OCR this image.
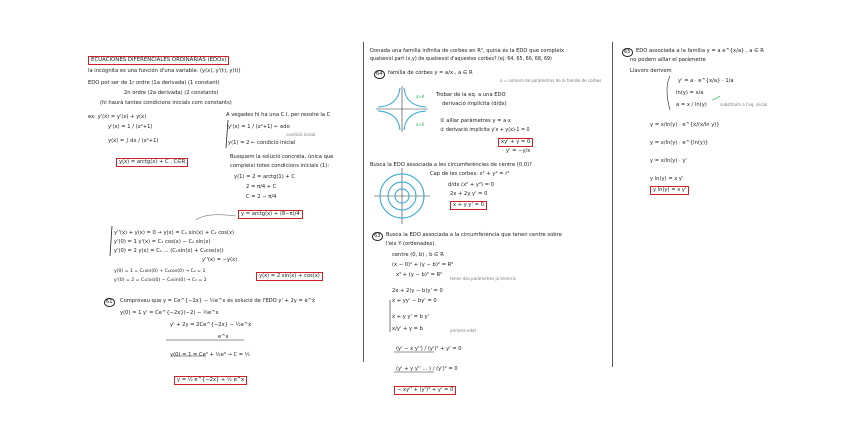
ECUACIONES DIFERENCIALES ORDINARIAS (EDOs)
la incógnita es una función d'una variable. (y(x), y'(t), y(t))
EDO pot ser de 1r ordre (1a derivada) (1 constant)
2n ordre (2a derivada) (2 constants)
(hi haurà tantes condicions inicials com constants)
ex: y'(x) = y'(x) + y(x)	A vegades hi ha una C.I. per resolre la C
y'(x) = 1 / (x²+1)	y'(x) = 1 / (x²+1) ← edo
condició inicial
y(x) = ∫ dx / (x²+1)	y(1) = 2 ← condició inicial
y(x) = arctg(x) + C , C∈R
Busquem la solució concreta, única que
compleixi totes condicions inicials (1):
y(1) = 2 = arctg(1) + C
2 = π/4 + C
C = 2 − π/4
y = arctg(x) + (8−π)/4
y''(x) + y(x) = 0 → y(x) = C₁ sin(x) + C₂ cos(x)
y'(0) = 1 y'(x) = C₁ cos(x) − C₂ sin(x)
y'(0) = 2 y(x) = C₁ ... (C₁sin(x) + C₂cos(x))
y''(x) = −y(x)
y(0) = 1 = C₁sin(0) + C₂cos(0) → C₂ = 1
y'(0) = 2 = C₁cos(0) − C₂sin(0) → C₁ = 2
y(x) = 2 sin(x) + cos(x)
61	Comproveu que y = Ce^{−2x} − ½e^x és solució de l'EDO y' + 2y = e^x
y(0) = 1 y' = Ce^{−2x}(−2) − ½e^x
y' + 2y = 2Ce^{−2x} − ½e^x
e^x
y(0) = 1 = Ce⁰ + ½e⁰ → C = ½
y = ½ e^{−2x} + ½ e^x
Donada una família infinita de corbes en R², quina és la EDO que compleix
qualsevol part (x,y) de qualsevol d'aquestes corbes? (ej: 64, 65, 66, 68, 69)
64	família de corbes y = a/x , a ∈ R
a = número de paràmetres de la família de corbes
Trobar de la eq. a una EDO
derivació implícita (d/dx)
① aïllar paràmetres y = a·x
② derivació implícita y'x + y(x)·1 = 0
xy' + y = 0
y' = −y/x
Busca la EDO associada a les circumferències de centre (0,0)?
Cap de les corbes: x² + y² = r²
d/dx (x² + y²) = 0
2x + 2y y' = 0
x + y y' = 0
63	Busca la EDO associada a la circumferència que tenen centre sobre
l'eix Y (ordenades).
centre (0, b) , b ∈ R
(x − 0)² + (y − b)² = R²
x² + (y − b)² = R²
tenen dos paràmetres ja tenim b
2x + 2(y − b)y' = 0
x + yy' − by' = 0
x + y y' = b y'
x/y' + y = b	primera edat
(y' − x y'') / (y')² + y' = 0
(y' + y y'' ... ) / (y')² = 0
− xy'' + (y')³ + y' = 0
a>0
a<0
65	EDO associada a la família y = a e^{x/a} , a ∈ R
no podem aïllar el paràmetre
Llavors derivem
y' = a · e^{x/a} · 1/a
ln(y) = x/a
a = x / ln(y)	substituïm a l'eq. inicial
y = x/ln(y) · e^{x/(x/ln y)}
y = x/ln(y) · e^{ln(y)}
y = x/ln(y) · y'
y ln(y) = x y'
y ln(y) = x y'
